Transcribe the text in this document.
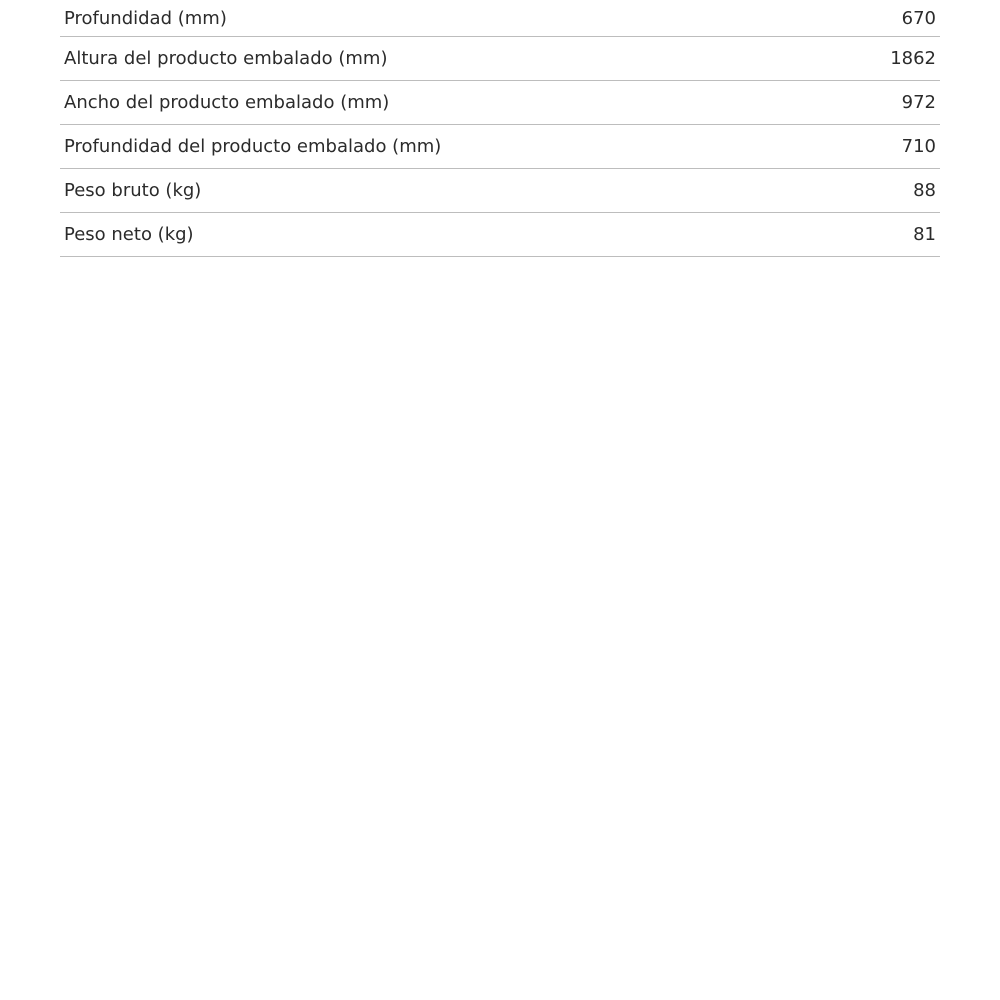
Profundidad (mm)	670
Altura del producto embalado (mm)	1862
Ancho del producto embalado (mm)	972
Profundidad del producto embalado (mm)	710
Peso bruto (kg)	88
Peso neto (kg)	81
